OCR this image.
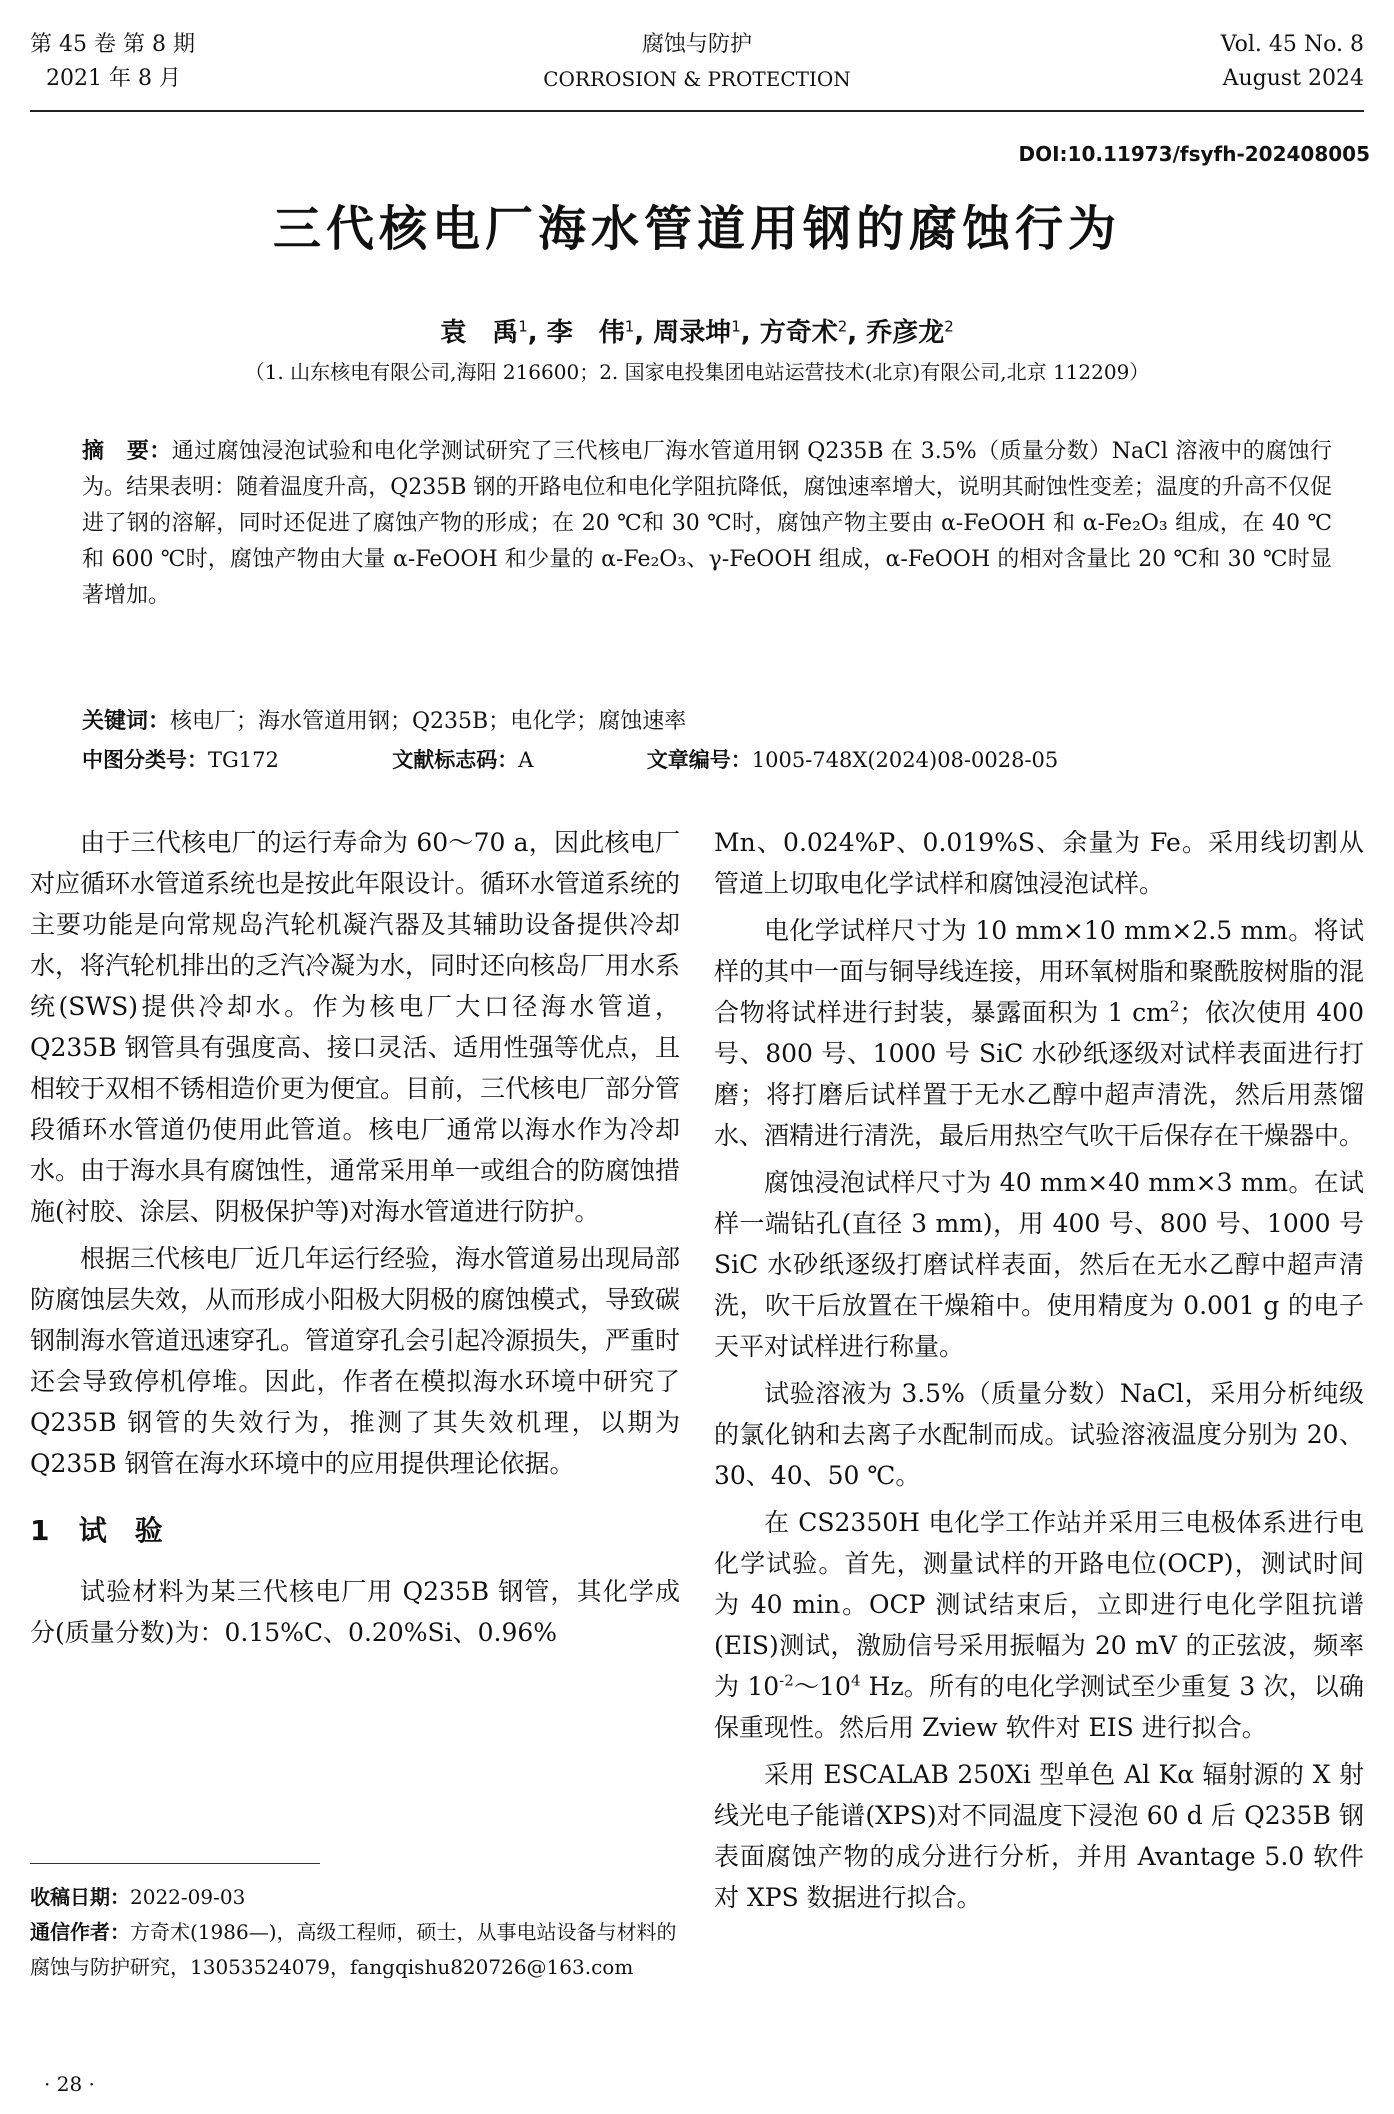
第 45 卷 第 8 期
2021 年 8 月
腐蚀与防护
CORROSION & PROTECTION
Vol. 45 No. 8
August 2024
DOI:10.11973/fsyfh-202408005
三代核电厂海水管道用钢的腐蚀行为
袁　禹$^1$, 李　伟$^1$, 周录坤$^1$, 方奇术$^2$, 乔彦龙$^2$
（1. 山东核电有限公司,海阳 216600；2. 国家电投集团电站运营技术(北京)有限公司,北京 112209）
摘　要：通过腐蚀浸泡试验和电化学测试研究了三代核电厂海水管道用钢 Q235B 在 3.5%（质量分数）NaCl 溶液中的腐蚀行为。结果表明：随着温度升高，Q235B 钢的开路电位和电化学阻抗降低，腐蚀速率增大，说明其耐蚀性变差；温度的升高不仅促进了钢的溶解，同时还促进了腐蚀产物的形成；在 20 ℃和 30 ℃时，腐蚀产物主要由 α-FeOOH 和 α-Fe₂O₃ 组成，在 40 ℃和 600 ℃时，腐蚀产物由大量 α-FeOOH 和少量的 α-Fe₂O₃、γ-FeOOH 组成，α-FeOOH 的相对含量比 20 ℃和 30 ℃时显著增加。
关键词：核电厂；海水管道用钢；Q235B；电化学；腐蚀速率
中图分类号：TG172	文献标志码：A	文章编号：1005-748X(2024)08-0028-05

由于三代核电厂的运行寿命为 60～70 a，因此核电厂对应循环水管道系统也是按此年限设计。循环水管道系统的主要功能是向常规岛汽轮机凝汽器及其辅助设备提供冷却水，将汽轮机排出的乏汽冷凝为水，同时还向核岛厂用水系统(SWS)提供冷却水。作为核电厂大口径海水管道，Q235B 钢管具有强度高、接口灵活、适用性强等优点，且相较于双相不锈相造价更为便宜。目前，三代核电厂部分管段循环水管道仍使用此管道。核电厂通常以海水作为冷却水。由于海水具有腐蚀性，通常采用单一或组合的防腐蚀措施(衬胶、涂层、阴极保护等)对海水管道进行防护。

根据三代核电厂近几年运行经验，海水管道易出现局部防腐蚀层失效，从而形成小阳极大阴极的腐蚀模式，导致碳钢制海水管道迅速穿孔。管道穿孔会引起冷源损失，严重时还会导致停机停堆。因此，作者在模拟海水环境中研究了 Q235B 钢管的失效行为，推测了其失效机理，以期为 Q235B 钢管在海水环境中的应用提供理论依据。

1 试　验

试验材料为某三代核电厂用 Q235B 钢管，其化学成分(质量分数)为：0.15%C、0.20%Si、0.96%

收稿日期：2022-09-03
通信作者：方奇术(1986—)，高级工程师，硕士，从事电站设备与材料的腐蚀与防护研究，13053524079，fangqishu820726@163.com
· 28 ·

Mn、0.024%P、0.019%S、余量为 Fe。采用线切割从管道上切取电化学试样和腐蚀浸泡试样。

电化学试样尺寸为 10 mm×10 mm×2.5 mm。将试样的其中一面与铜导线连接，用环氧树脂和聚酰胺树脂的混合物将试样进行封装，暴露面积为 1 $cm^2$；依次使用 400 号、800 号、1000 号 SiC 水砂纸逐级对试样表面进行打磨；将打磨后试样置于无水乙醇中超声清洗，然后用蒸馏水、酒精进行清洗，最后用热空气吹干后保存在干燥器中。

腐蚀浸泡试样尺寸为 40 mm×40 mm×3 mm。在试样一端钻孔(直径 3 mm)，用 400 号、800 号、1000 号 SiC 水砂纸逐级打磨试样表面，然后在无水乙醇中超声清洗，吹干后放置在干燥箱中。使用精度为 0.001 g 的电子天平对试样进行称量。

试验溶液为 3.5%（质量分数）NaCl，采用分析纯级的氯化钠和去离子水配制而成。试验溶液温度分别为 20、30、40、50 ℃。

在 CS2350H 电化学工作站并采用三电极体系进行电化学试验。首先，测量试样的开路电位(OCP)，测试时间为 40 min。OCP 测试结束后，立即进行电化学阻抗谱(EIS)测试，激励信号采用振幅为 20 mV 的正弦波，频率为 $10^{-2}\sim 10^4$ Hz。所有的电化学测试至少重复 3 次，以确保重现性。然后用 Zview 软件对 EIS 进行拟合。

采用 ESCALAB 250Xi 型单色 Al Kα 辐射源的 X 射线光电子能谱(XPS)对不同温度下浸泡 60 d 后 Q235B 钢表面腐蚀产物的成分进行分析，并用 Avantage 5.0 软件对 XPS 数据进行拟合。
